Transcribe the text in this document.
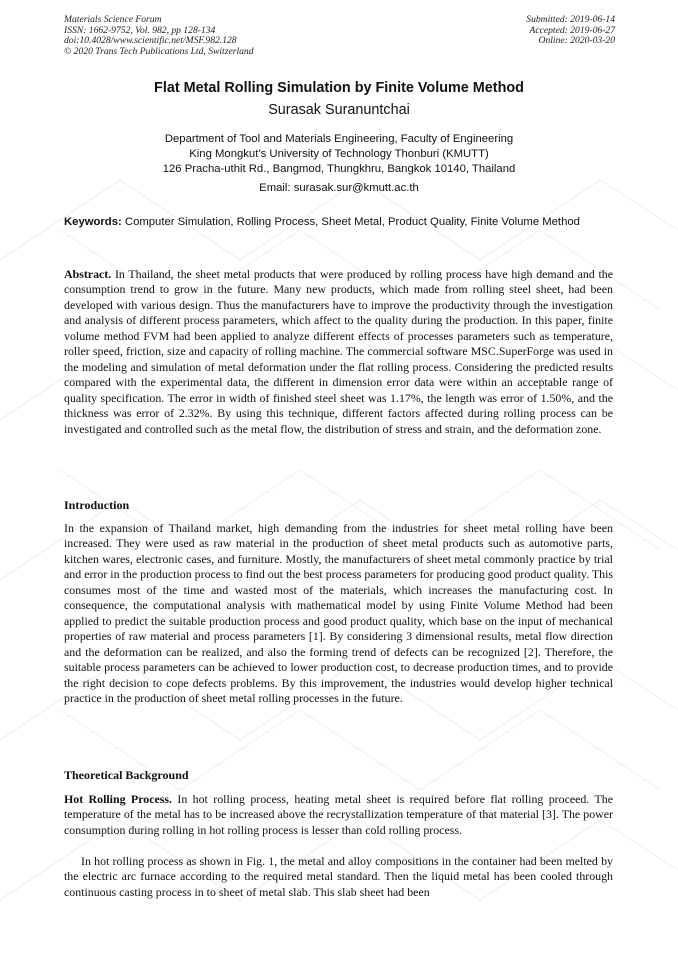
Materials Science Forum
ISSN: 1662-9752, Vol. 982, pp 128-134
doi:10.4028/www.scientific.net/MSF.982.128
© 2020 Trans Tech Publications Ltd, Switzerland
Submitted: 2019-06-14
Accepted: 2019-06-27
Online: 2020-03-20
Flat Metal Rolling Simulation by Finite Volume Method
Surasak Suranuntchai
Department of Tool and Materials Engineering, Faculty of Engineering
King Mongkut’s University of Technology Thonburi (KMUTT)
126 Pracha-uthit Rd., Bangmod, Thungkhru, Bangkok 10140, Thailand
Email: surasak.sur@kmutt.ac.th
Keywords: Computer Simulation, Rolling Process, Sheet Metal, Product Quality, Finite Volume Method
Abstract. In Thailand, the sheet metal products that were produced by rolling process have high demand and the consumption trend to grow in the future. Many new products, which made from rolling steel sheet, had been developed with various design. Thus the manufacturers have to improve the productivity through the investigation and analysis of different process parameters, which affect to the quality during the production. In this paper, finite volume method FVM had been applied to analyze different effects of processes parameters such as temperature, roller speed, friction, size and capacity of rolling machine. The commercial software MSC.SuperForge was used in the modeling and simulation of metal deformation under the flat rolling process. Considering the predicted results compared with the experimental data, the different in dimension error data were within an acceptable range of quality specification. The error in width of finished steel sheet was 1.17%, the length was error of 1.50%, and the thickness was error of 2.32%. By using this technique, different factors affected during rolling process can be investigated and controlled such as the metal flow, the distribution of stress and strain, and the deformation zone.
Introduction
In the expansion of Thailand market, high demanding from the industries for sheet metal rolling have been increased. They were used as raw material in the production of sheet metal products such as automotive parts, kitchen wares, electronic cases, and furniture. Mostly, the manufacturers of sheet metal commonly practice by trial and error in the production process to find out the best process parameters for producing good product quality. This consumes most of the time and wasted most of the materials, which increases the manufacturing cost. In consequence, the computational analysis with mathematical model by using Finite Volume Method had been applied to predict the suitable production process and good product quality, which base on the input of mechanical properties of raw material and process parameters [1]. By considering 3 dimensional results, metal flow direction and the deformation can be realized, and also the forming trend of defects can be recognized [2]. Therefore, the suitable process parameters can be achieved to lower production cost, to decrease production times, and to provide the right decision to cope defects problems. By this improvement, the industries would develop higher technical practice in the production of sheet metal rolling processes in the future.
Theoretical Background
Hot Rolling Process. In hot rolling process, heating metal sheet is required before flat rolling proceed. The temperature of the metal has to be increased above the recrystallization temperature of that material [3]. The power consumption during rolling in hot rolling process is lesser than cold rolling process.
In hot rolling process as shown in Fig. 1, the metal and alloy compositions in the container had been melted by the electric arc furnace according to the required metal standard. Then the liquid metal has been cooled through continuous casting process in to sheet of metal slab. This slab sheet had been
